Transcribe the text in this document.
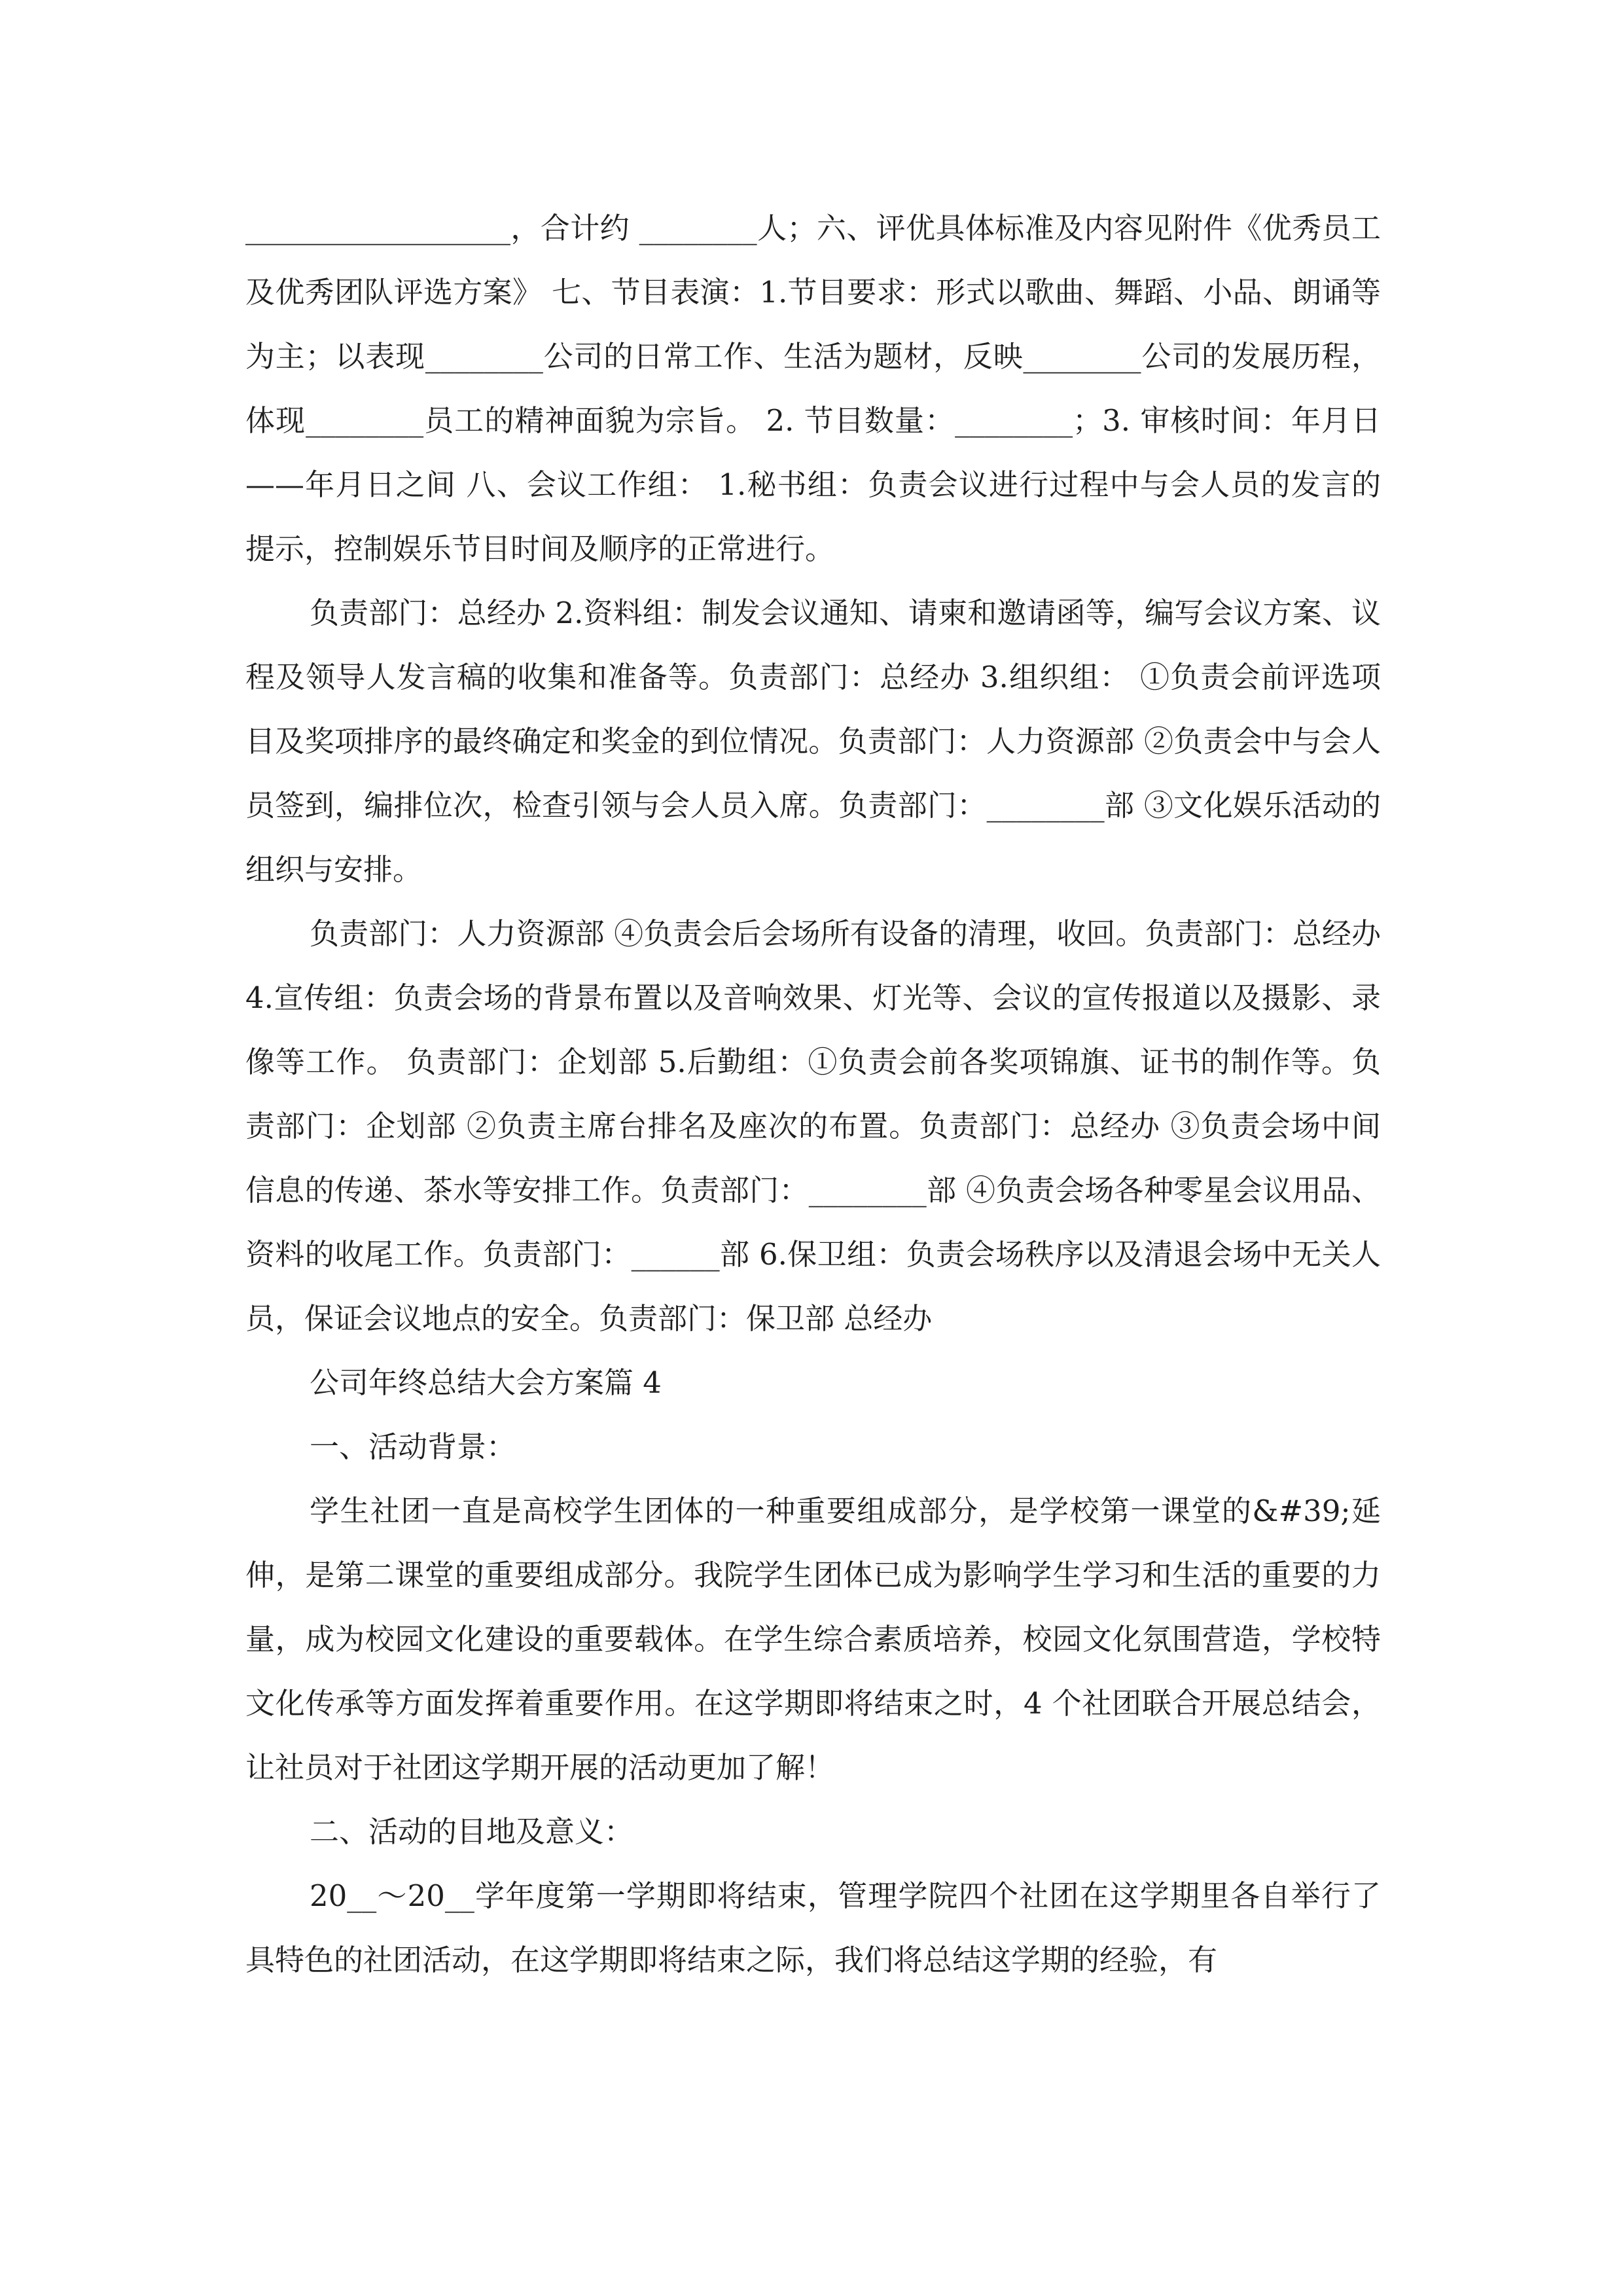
__________________，合计约 ________人；六、评优具体标准及内容见附件《优秀员工及优秀团队评选方案》 七、节目表演：1.节目要求：形式以歌曲、舞蹈、小品、朗诵等为主；以表现________公司的日常工作、生活为题材，反映________公司的发展历程，体现________员工的精神面貌为宗旨。 2. 节目数量：________；3. 审核时间：年月日——年月日之间 八、会议工作组： 1.秘书组：负责会议进行过程中与会人员的发言的提示，控制娱乐节目时间及顺序的正常进行。

负责部门：总经办 2.资料组：制发会议通知、请柬和邀请函等，编写会议方案、议程及领导人发言稿的收集和准备等。负责部门：总经办 3.组织组： ①负责会前评选项目及奖项排序的最终确定和奖金的到位情况。负责部门：人力资源部 ②负责会中与会人员签到，编排位次，检查引领与会人员入席。负责部门：________部 ③文化娱乐活动的组织与安排。

负责部门：人力资源部 ④负责会后会场所有设备的清理，收回。负责部门：总经办 4.宣传组：负责会场的背景布置以及音响效果、灯光等、会议的宣传报道以及摄影、录像等工作。 负责部门：企划部 5.后勤组：①负责会前各奖项锦旗、证书的制作等。负责部门：企划部 ②负责主席台排名及座次的布置。负责部门：总经办 ③负责会场中间信息的传递、茶水等安排工作。负责部门：________部 ④负责会场各种零星会议用品、资料的收尾工作。负责部门：______部 6.保卫组：负责会场秩序以及清退会场中无关人员，保证会议地点的安全。负责部门：保卫部 总经办

公司年终总结大会方案篇 4

一、活动背景：

学生社团一直是高校学生团体的一种重要组成部分，是学校第一课堂的&#39;延伸，是第二课堂的重要组成部分。我院学生团体已成为影响学生学习和生活的重要的力量，成为校园文化建设的重要载体。在学生综合素质培养，校园文化氛围营造，学校特文化传承等方面发挥着重要作用。在这学期即将结束之时，4 个社团联合开展总结会，让社员对于社团这学期开展的活动更加了解！

二、活动的目地及意义：

20__～20__学年度第一学期即将结束，管理学院四个社团在这学期里各自举行了具特色的社团活动，在这学期即将结束之际，我们将总结这学期的经验，有
